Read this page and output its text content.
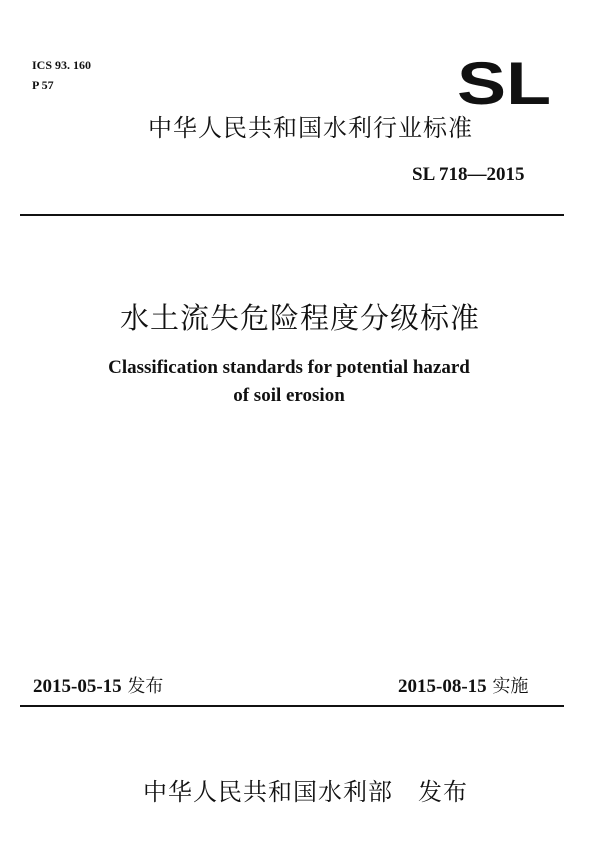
ICS 93. 160
P 57	SL
中华人民共和国水利行业标准
SL 718—2015
水土流失危险程度分级标准
Classification standards for potential hazard
of soil erosion
2015-05-15 发布	2015-08-15 实施
中华人民共和国水利部　发布
